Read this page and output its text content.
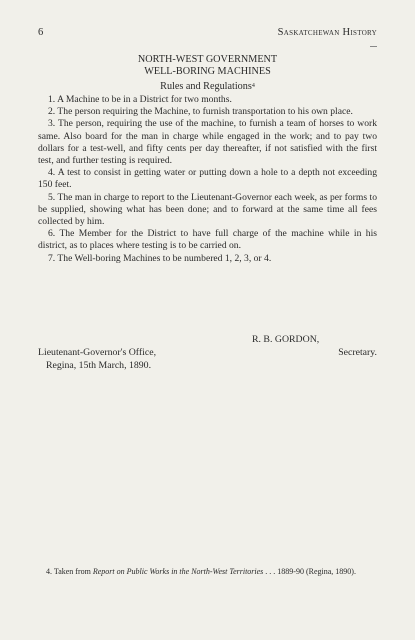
6	Saskatchewan History
NORTH-WEST GOVERNMENT
WELL-BORING MACHINES
Rules and Regulations$^4$

1. A Machine to be in a District for two months.

2. The person requiring the Machine, to furnish transportation to his own place.

3. The person, requiring the use of the machine, to furnish a team of horses to work same. Also board for the man in charge while engaged in the work; and to pay two dollars for a test-well, and fifty cents per day thereafter, if not satisfied with the first test, and further testing is required.

4. A test to consist in getting water or putting down a hole to a depth not exceeding 150 feet.

5. The man in charge to report to the Lieutenant-Governor each week, as per forms to be supplied, showing what has been done; and to forward at the same time all fees collected by him.

6. The Member for the District to have full charge of the machine while in his district, as to places where testing is to be carried on.

7. The Well-boring Machines to be numbered 1, 2, 3, or 4.

R. B. GORDON,
Lieutenant-Governor's Office,	Secretary.
Regina, 15th March, 1890.
4. Taken from Report on Public Works in the North-West Territories . . . 1889-90 (Regina, 1890).
